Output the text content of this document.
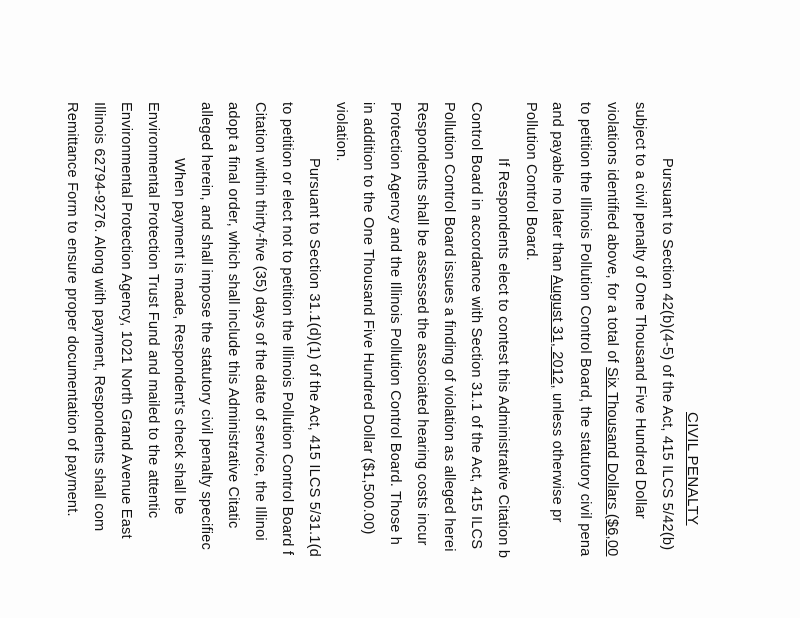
CIVIL PENALTY
Pursuant to Section 42(b)(4-5) of the Act, 415 ILCS 5/42(b)
subject to a civil penalty of One Thousand Five Hundred Dollar
violations identified above, for a total of Six Thousand Dollars ($6,00
to petition the Illinois Pollution Control Board, the statutory civil pena
and payable no later than August 31, 2012, unless otherwise pr
Pollution Control Board.
If Respondents elect to contest this Administrative Citation b
Control Board in accordance with Section 31.1 of the Act, 415 ILCS
Pollution Control Board issues a finding of violation as alleged herei
Respondents shall be assessed the associated hearing costs incur
Protection Agency and the Illinois Pollution Control Board. Those h
in addition to the One Thousand Five Hundred Dollar ($1,500.00)
violation.
Pursuant to Section 31.1(d)(1) of the Act, 415 ILCS 5/31.1(d
to petition or elect not to petition the Illinois Pollution Control Board f
Citation within thirty-five (35) days of the date of service, the Illinoi
adopt a final order, which shall include this Administrative Citatic
alleged herein, and shall impose the statutory civil penalty specifiec
When payment is made, Respondent's check shall be
Environmental Protection Trust Fund and mailed to the attentic
Environmental Protection Agency, 1021 North Grand Avenue East
Illinois 62794-9276. Along with payment, Respondents shall com
Remittance Form to ensure proper documentation of payment.
